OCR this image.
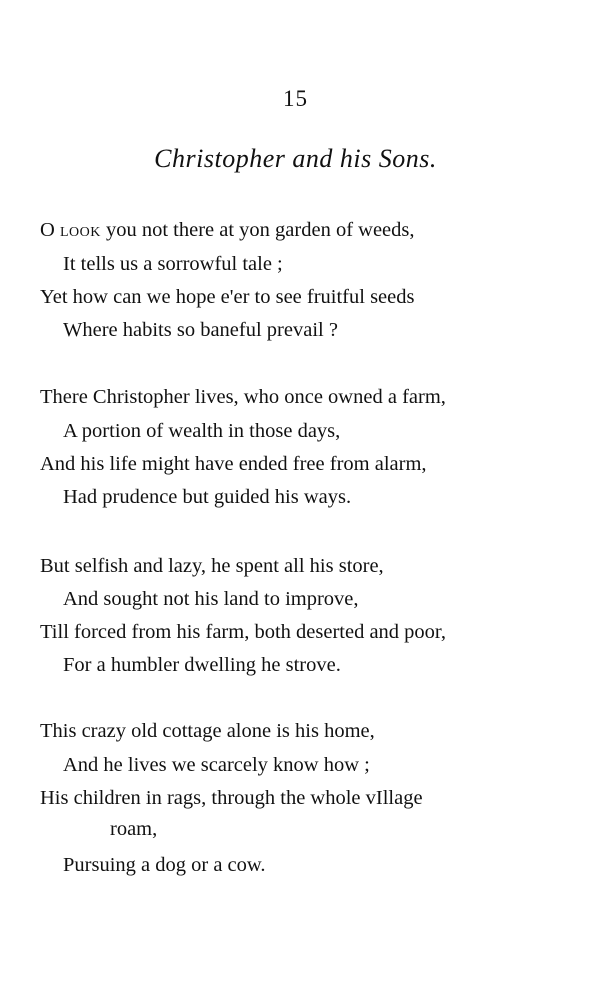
15
Christopher and his Sons.
O look you not there at yon garden of weeds,
It tells us a sorrowful tale ;
Yet how can we hope e'er to see fruitful seeds
Where habits so baneful prevail ?
There Christopher lives, who once owned a farm,
A portion of wealth in those days,
And his life might have ended free from alarm,
Had prudence but guided his ways.
But selfish and lazy, he spent all his store,
And sought not his land to improve,
Till forced from his farm, both deserted and poor,
For a humbler dwelling he strove.
This crazy old cottage alone is his home,
And he lives we scarcely know how ;
His children in rags, through the whole vIllage
roam,
Pursuing a dog or a cow.
